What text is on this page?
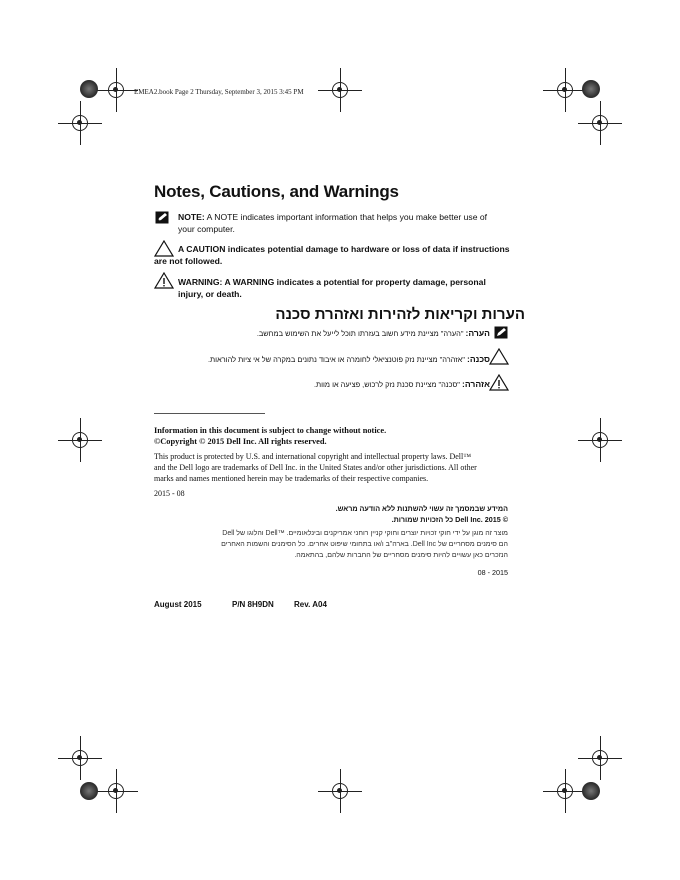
EMEA2.book Page 2 Thursday, September 3, 2015 3:45 PM
Notes, Cautions, and Warnings
NOTE: A NOTE indicates important information that helps you make better use of
your computer.
A CAUTION indicates potential damage to hardware or loss of data if instructions
are not followed.
WARNING: A WARNING indicates a potential for property damage, personal
injury, or death.
הערות וקריאות לזהירות ואזהרת סכנה
הערה: "הערה" מציינת מידע חשוב בעזרתו תוכל לייעל את השימוש במחשב.
סכנה: "אזהרה" מציינת נזק פוטנציאלי לחומרה או איבוד נתונים במקרה של אי ציות להוראות.
אזהרה: "סכנה" מציינת סכנת נזק לרכוש, פציעה או מוות.
Information in this document is subject to change without notice.
©Copyright © 2015 Dell Inc. All rights reserved.
This product is protected by U.S. and international copyright and intellectual property laws. Dell™
and the Dell logo are trademarks of Dell Inc. in the United States and/or other jurisdictions. All other
marks and names mentioned herein may be trademarks of their respective companies.
2015 - 08
המידע שבמסמך זה עשוי להשתנות ללא הודעה מראש.
© Dell Inc. 2015 כל הזכויות שמורות.
מוצר זה מוגן על ידי חוקי זכויות יוצרים וחוקי קניין רוחני אמריקנים ובינלאומיים. ™Dell והלוגו של Dell
הם סימנים מסחריים של Dell Inc. בארה"ב ו/או בתחומי שיפוט אחרים. כל הסימנים והשמות האחרים
הנזכרים כאן עשויים להיות סימנים מסחריים של החברות שלהם, בהתאמה.
08 - 2015
August 2015	P/N 8H9DN	Rev. A04
